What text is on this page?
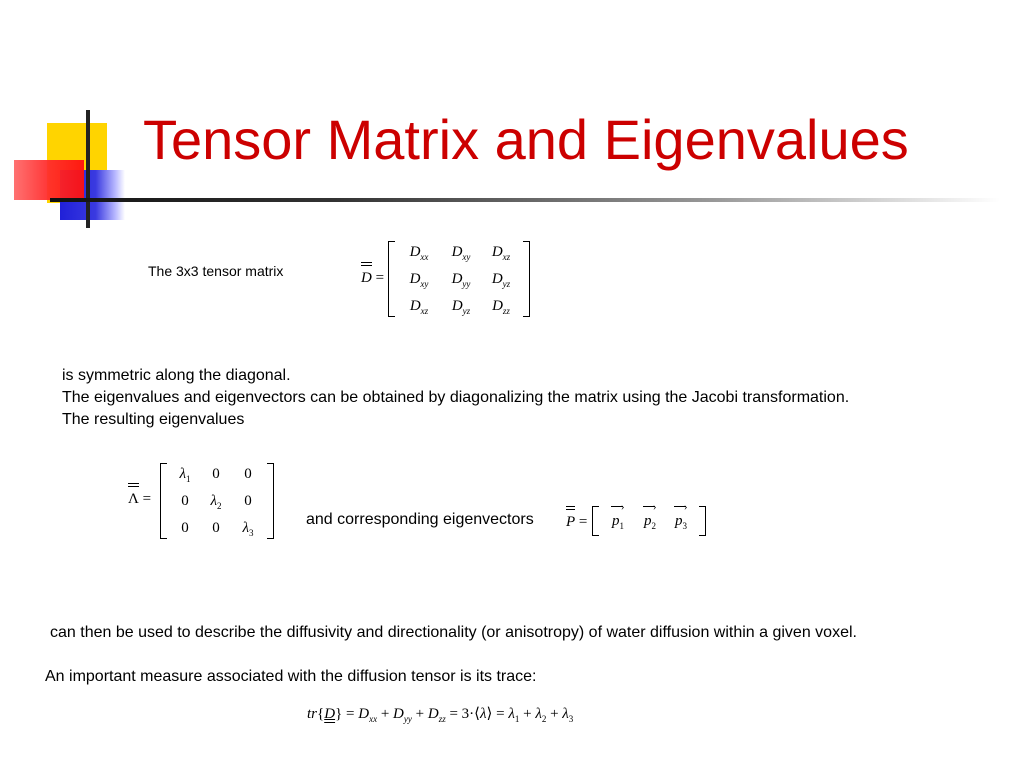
Tensor Matrix and Eigenvalues
The 3x3 tensor matrix	D =
$D_{xx}$	$D_{xy}$	$D_{xz}$
$D_{xy}$	$D_{yy}$	$D_{yz}$
$D_{xz}$	$D_{yz}$	$D_{zz}$
is symmetric along the diagonal.
The eigenvalues and eigenvectors can be obtained by diagonalizing the matrix using the Jacobi transformation.
The resulting eigenvalues
Λ =
$\lambda_1$	0	0
0	$\lambda_2$	0
0	0	$\lambda_3$
and corresponding eigenvectors P =	p $›_1$	p $›_2$	p $›_3$
can then be used to describe the diffusivity and directionality (or anisotropy) of water diffusion within a given voxel.
An important measure associated with the diffusion tensor is its trace:
$tr\{D\} = D_{xx} + D_{yy} + D_{zz}$ = 3·⟨λ⟩ = $\lambda_1 + \lambda_2 + \lambda_3$
